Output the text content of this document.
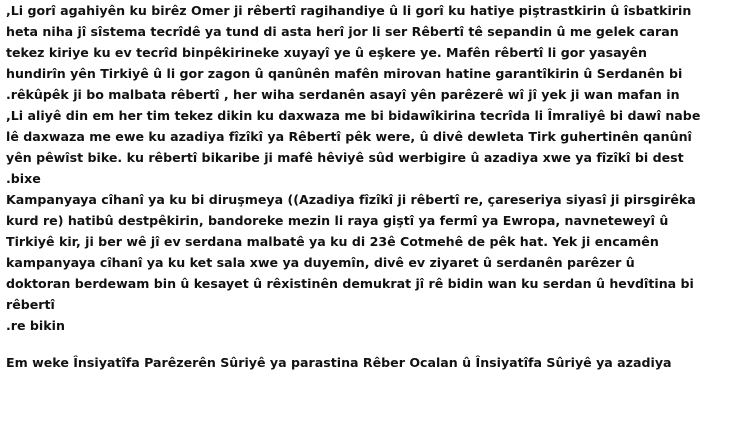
,Li gorî agahiyên ku birêz Omer ji rêbertî ragihandiye û li gorî ku hatiye piştrastkirin û îsbatkirin
heta niha jî sîstema tecrîdê ya tund di asta herî jor li ser Rêbertî tê sepandin û me gelek caran
tekez kiriye ku ev tecrîd binpêkirineke xuyayî ye û eşkere ye. Mafên rêbertî li gor yasayên
hundirîn yên Tirkiyê û li gor zagon û qanûnên mafên mirovan hatine garantîkirin û Serdanên bi
.rêkûpêk ji bo malbata rêbertî , her wiha serdanên asayî yên parêzerê wî jî yek ji wan mafan in
,Li aliyê din em her tim tekez dikin ku daxwaza me bi bidawîkirina tecrîda li Îmraliyê bi dawî nabe
lê daxwaza me ewe ku azadiya fîzîkî ya Rêbertî pêk were, û divê dewleta Tirk guhertinên qanûnî
yên pêwîst bike. ku rêbertî bikaribe ji mafê hêviyê sûd werbigire û azadiya xwe ya fîzîkî bi dest
.bixe
Kampanyaya cîhanî ya ku bi diruşmeya ((Azadiya fîzîkî ji rêbertî re, çareseriya siyasî ji pirsgirêka
kurd re) hatibû destpêkirin, bandoreke mezin li raya giştî ya fermî ya Ewropa, navneteweyî û
Tirkiyê kir, ji ber wê jî ev serdana malbatê ya ku di 23ê Cotmehê de pêk hat. Yek ji encamên
kampanyaya cîhanî ya ku ket sala xwe ya duyemîn, divê ev ziyaret û serdanên parêzer û
doktoran berdewam bin û kesayet û rêxistinên demukrat jî rê bidin wan ku serdan û hevdîtina bi
rêbertî
.re bikin
Em weke Însiyatîfa Parêzerên Sûriyê ya parastina Rêber Ocalan û Însiyatîfa Sûriyê ya azadiya
